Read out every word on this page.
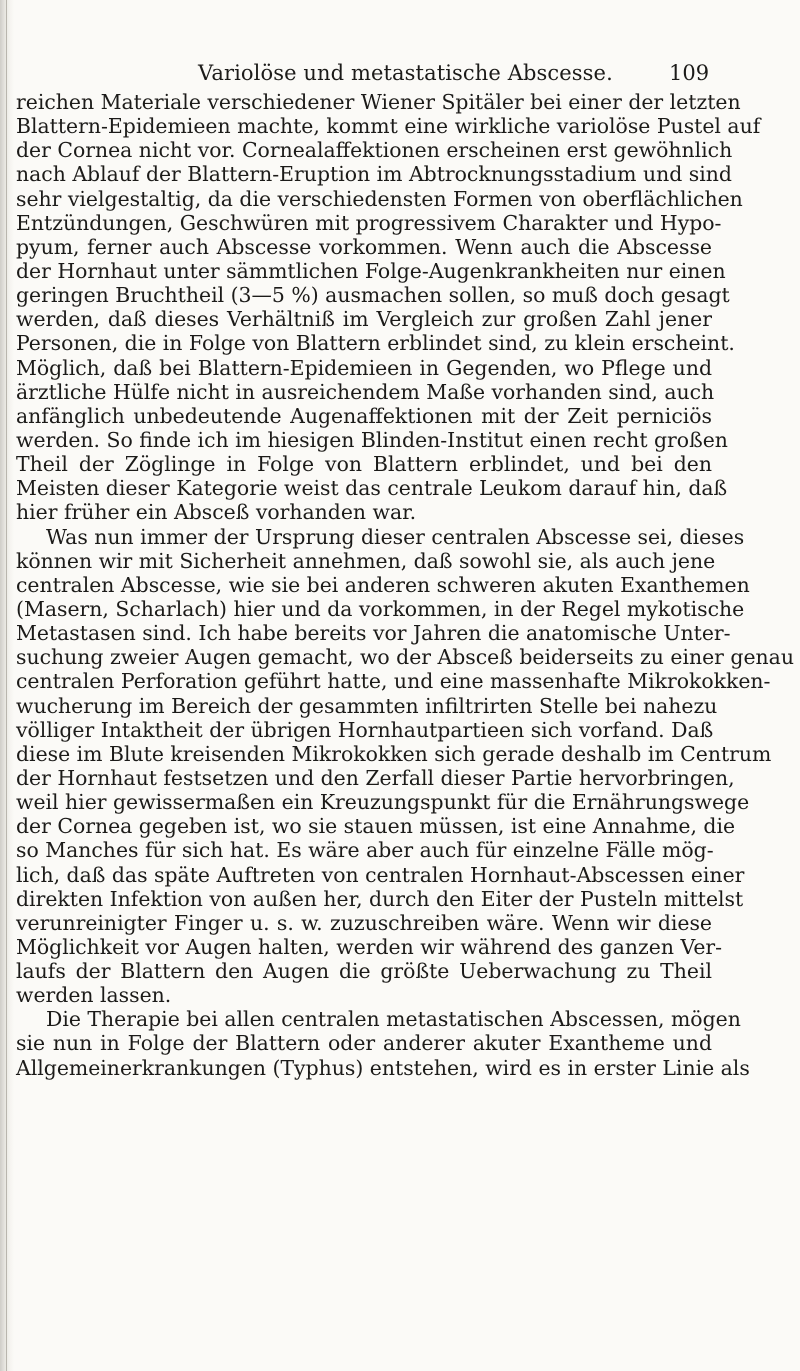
Variolöse und metastatische Abscesse.	109
reichen Materiale verschiedener Wiener Spitäler bei einer der letzten
Blattern-Epidemieen machte, kommt eine wirkliche variolöse Pustel auf
der Cornea nicht vor. Cornealaffektionen erscheinen erst gewöhnlich
nach Ablauf der Blattern-Eruption im Abtrocknungsstadium und sind
sehr vielgestaltig, da die verschiedensten Formen von oberflächlichen
Entzündungen, Geschwüren mit progressivem Charakter und Hypo-
pyum, ferner auch Abscesse vorkommen. Wenn auch die Abscesse
der Hornhaut unter sämmtlichen Folge-Augenkrankheiten nur einen
geringen Bruchtheil (3—5 %) ausmachen sollen, so muß doch gesagt
werden, daß dieses Verhältniß im Vergleich zur großen Zahl jener
Personen, die in Folge von Blattern erblindet sind, zu klein erscheint.
Möglich, daß bei Blattern-Epidemieen in Gegenden, wo Pflege und
ärztliche Hülfe nicht in ausreichendem Maße vorhanden sind, auch
anfänglich unbedeutende Augenaffektionen mit der Zeit perniciös
werden. So finde ich im hiesigen Blinden-Institut einen recht großen
Theil der Zöglinge in Folge von Blattern erblindet, und bei den
Meisten dieser Kategorie weist das centrale Leukom darauf hin, daß
hier früher ein Absceß vorhanden war.
Was nun immer der Ursprung dieser centralen Abscesse sei, dieses
können wir mit Sicherheit annehmen, daß sowohl sie, als auch jene
centralen Abscesse, wie sie bei anderen schweren akuten Exanthemen
(Masern, Scharlach) hier und da vorkommen, in der Regel mykotische
Metastasen sind. Ich habe bereits vor Jahren die anatomische Unter-
suchung zweier Augen gemacht, wo der Absceß beiderseits zu einer genau
centralen Perforation geführt hatte, und eine massenhafte Mikrokokken-
wucherung im Bereich der gesammten infiltrirten Stelle bei nahezu
völliger Intaktheit der übrigen Hornhautpartieen sich vorfand. Daß
diese im Blute kreisenden Mikrokokken sich gerade deshalb im Centrum
der Hornhaut festsetzen und den Zerfall dieser Partie hervorbringen,
weil hier gewissermaßen ein Kreuzungspunkt für die Ernährungswege
der Cornea gegeben ist, wo sie stauen müssen, ist eine Annahme, die
so Manches für sich hat. Es wäre aber auch für einzelne Fälle mög-
lich, daß das späte Auftreten von centralen Hornhaut-Abscessen einer
direkten Infektion von außen her, durch den Eiter der Pusteln mittelst
verunreinigter Finger u. s. w. zuzuschreiben wäre. Wenn wir diese
Möglichkeit vor Augen halten, werden wir während des ganzen Ver-
laufs der Blattern den Augen die größte Ueberwachung zu Theil
werden lassen.
Die Therapie bei allen centralen metastatischen Abscessen, mögen
sie nun in Folge der Blattern oder anderer akuter Exantheme und
Allgemeinerkrankungen (Typhus) entstehen, wird es in erster Linie als
